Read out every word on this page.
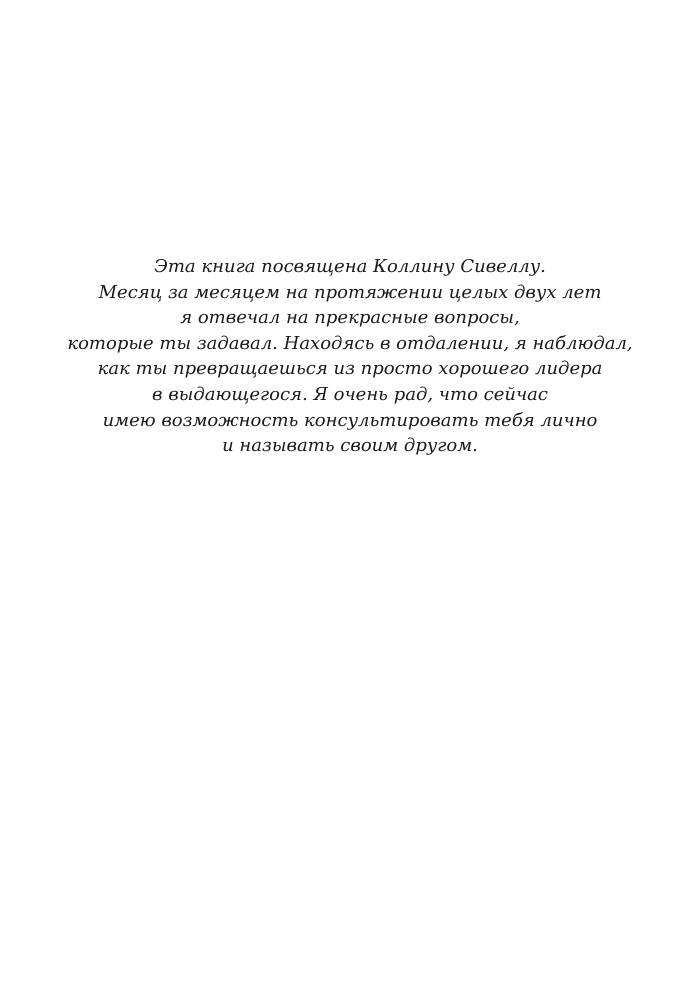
Эта книга посвящена Коллину Сивеллу.
Месяц за месяцем на протяжении целых двух лет
я отвечал на прекрасные вопросы,
которые ты задавал. Находясь в отдалении, я наблюдал,
как ты превращаешься из просто хорошего лидера
в выдающегося. Я очень рад, что сейчас
имею возможность консультировать тебя лично
и называть своим другом.
